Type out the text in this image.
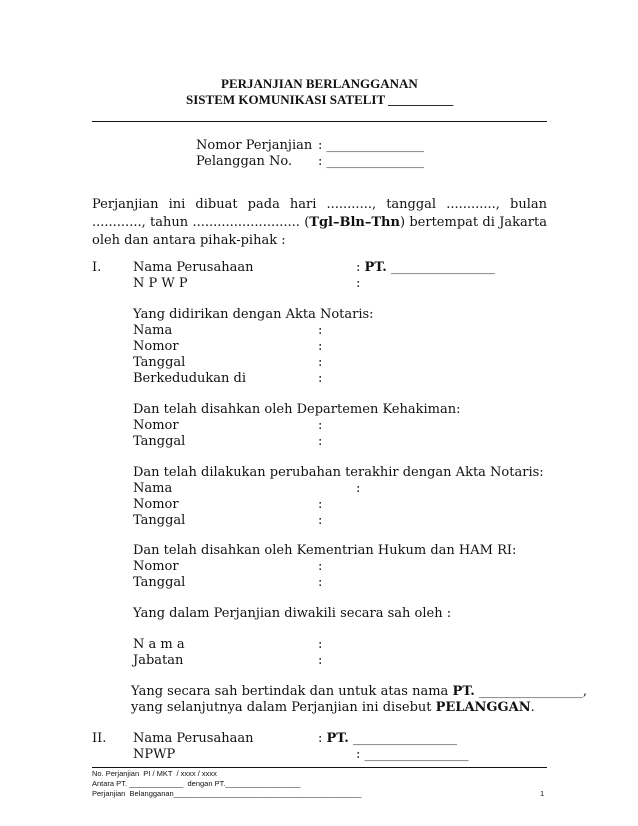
PERJANJIAN BERLANGGANAN
SISTEM KOMUNIKASI SATELIT __________
Nomor Perjanjian : _______________
Pelanggan No. : _______________
Perjanjian ini dibuat pada hari ..........., tanggal ............, bulan ............, tahun .......................... (Tgl–Bln–Thn) bertempat di Jakarta oleh dan antara pihak-pihak :
I. Nama Perusahaan	: PT. ________________
N P W P	:
Yang didirikan dengan Akta Notaris:
Nama	:
Nomor	:
Tanggal	:
Berkedudukan di	:
Dan telah disahkan oleh Departemen Kehakiman:
Nomor	:
Tanggal	:
Dan telah dilakukan perubahan terakhir dengan Akta Notaris:
Nama	:
Nomor	:
Tanggal	:
Dan telah disahkan oleh Kementrian Hukum dan HAM RI:
Nomor	:
Tanggal	:
Yang dalam Perjanjian diwakili secara sah oleh :
N a m a	:
Jabatan	:
Yang secara sah bertindak dan untuk atas nama PT. ________________,
yang selanjutnya dalam Perjanjian ini disebut PELANGGAN.
II. Nama Perusahaan	: PT. ________________
NPWP	: ________________
No. Perjanjian  PI / MKT  / xxxx / xxxx
Antara PT. _____________  dengan PT.__________________
Perjanjian  Belangganan_____________________________________________	1
